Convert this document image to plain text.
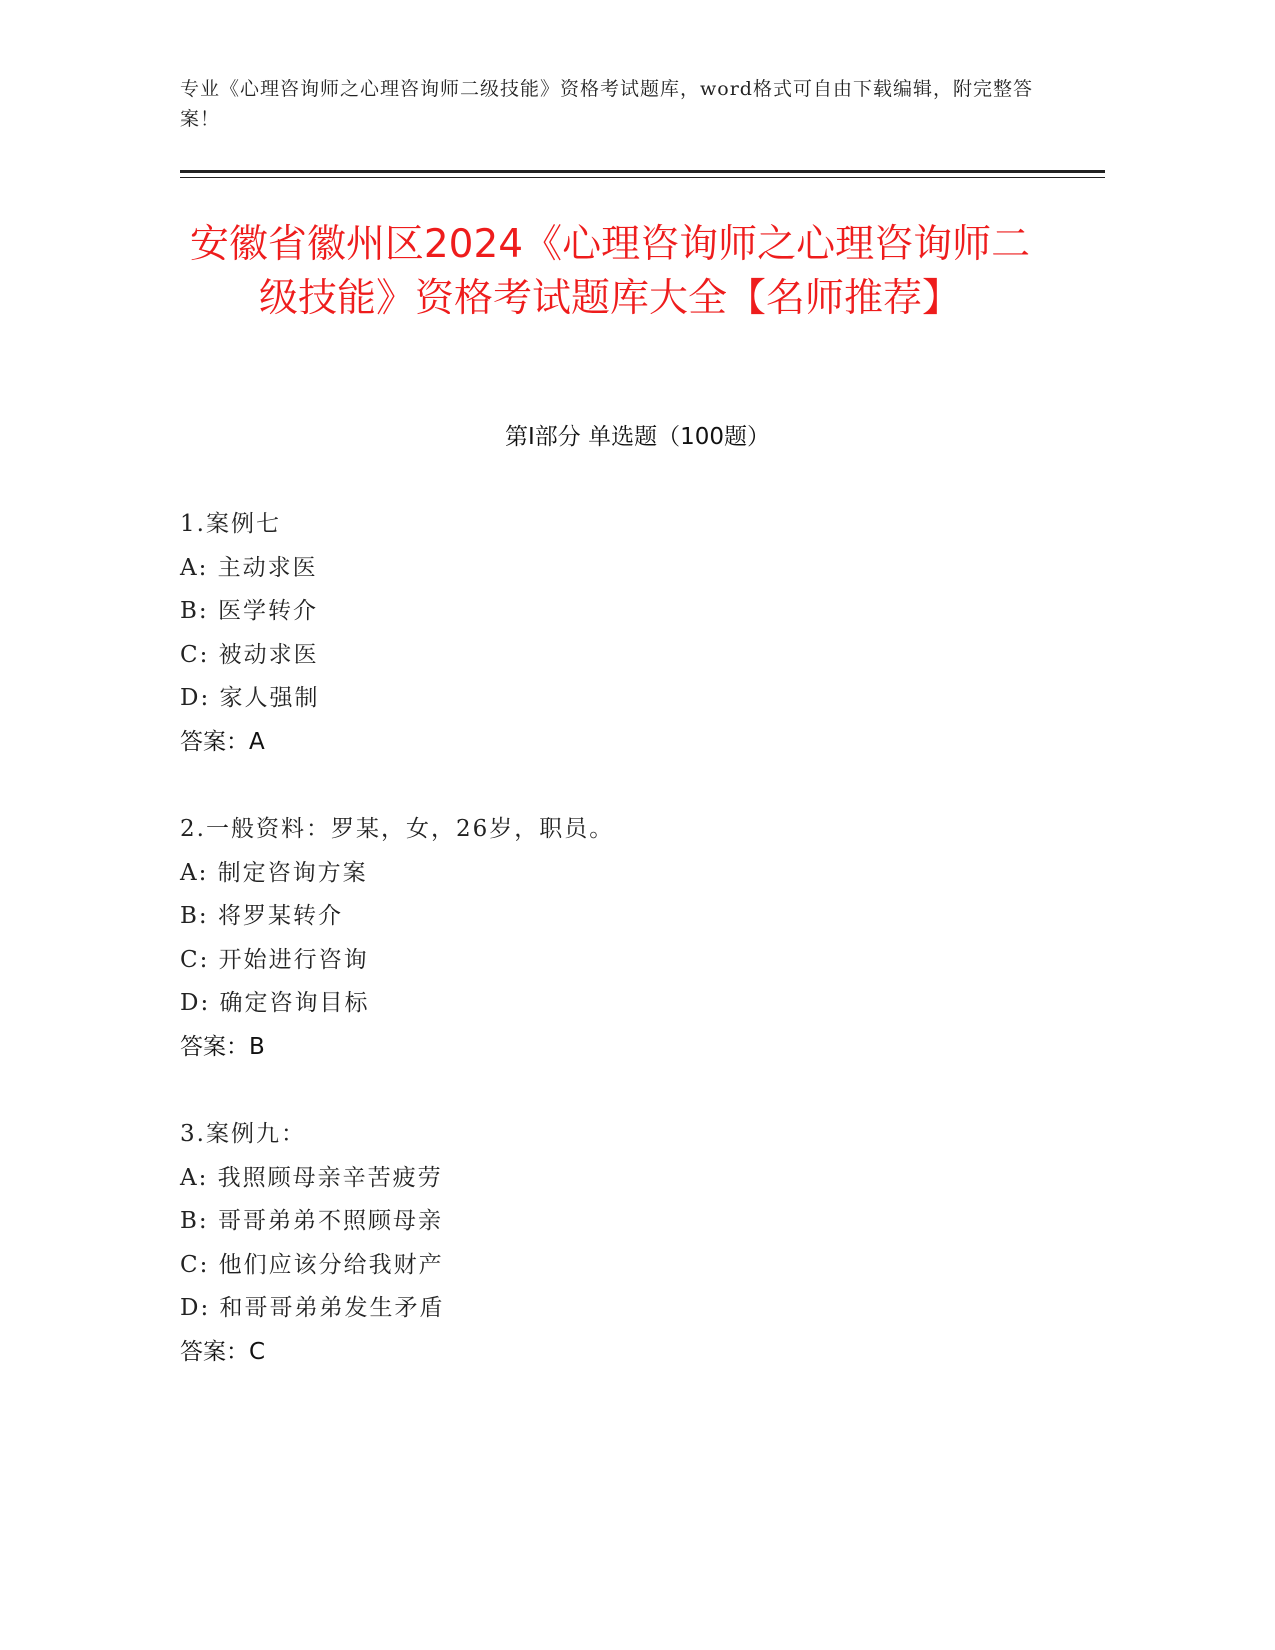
专业《心理咨询师之心理咨询师二级技能》资格考试题库，word格式可自由下载编辑，附完整答案！
安徽省徽州区2024《心理咨询师之心理咨询师二级技能》资格考试题库大全【名师推荐】
第I部分 单选题（100题）
1.案例七
A: 主动求医
B: 医学转介
C: 被动求医
D: 家人强制
答案：A
2.一般资料：罗某，女，26岁，职员。
A: 制定咨询方案
B: 将罗某转介
C: 开始进行咨询
D: 确定咨询目标
答案：B
3.案例九：
A: 我照顾母亲辛苦疲劳
B: 哥哥弟弟不照顾母亲
C: 他们应该分给我财产
D: 和哥哥弟弟发生矛盾
答案：C
